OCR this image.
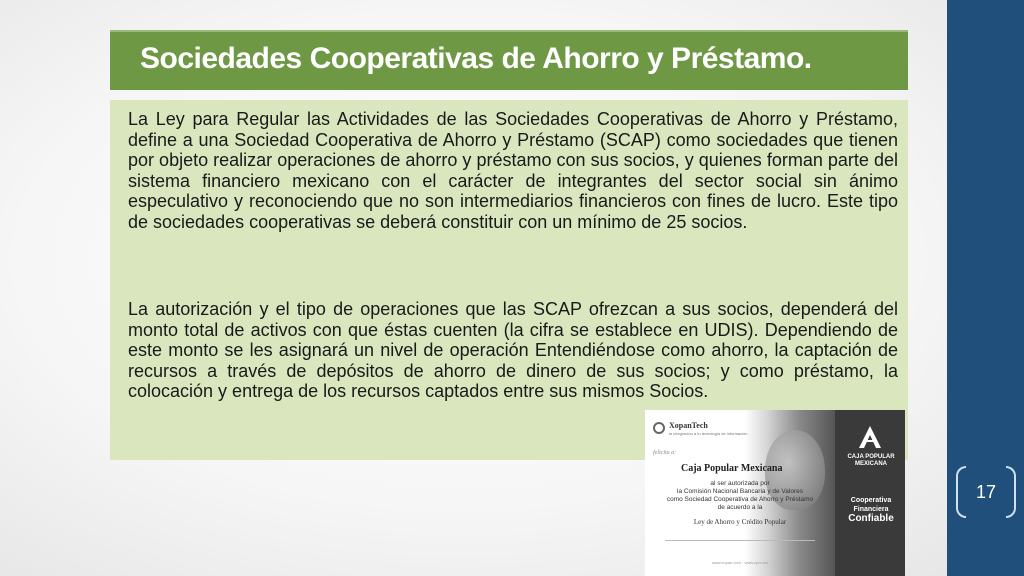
17
Sociedades Cooperativas de Ahorro y Préstamo.

La Ley para Regular las Actividades de las Sociedades Cooperativas de Ahorro y Préstamo, define a una Sociedad Cooperativa de Ahorro y Préstamo (SCAP) como sociedades que tienen por objeto realizar operaciones de ahorro y préstamo con sus socios, y quienes forman parte del sistema financiero mexicano con el carácter de integrantes del sector social sin ánimo especulativo y reconociendo que no son intermediarios financieros con fines de lucro. Este tipo de sociedades cooperativas se deberá constituir con un mínimo de 25 socios.

La autorización y el tipo de operaciones que las SCAP ofrezcan a sus socios, dependerá del monto total de activos con que éstas cuenten (la cifra se establece en UDIS). Dependiendo de este monto se les asignará un nivel de operación Entendiéndose como ahorro, la captación de recursos a través de depósitos de ahorro de dinero de sus socios; y como préstamo, la colocación y entrega de los recursos captados entre sus mismos Socios.

XopanTech
la integración a tu tecnología de información
felicita a:
Caja Popular Mexicana
al ser autorizada por
la Comisión Nacional Bancaria y de Valores
como Sociedad Cooperativa de Ahorro y Préstamo
de acuerdo a la
Ley de Ahorro y Crédito Popular
www.xopan.com · www.cpm.mx
CAJA POPULAR
MEXICANA
Cooperativa
Financiera
Confiable
